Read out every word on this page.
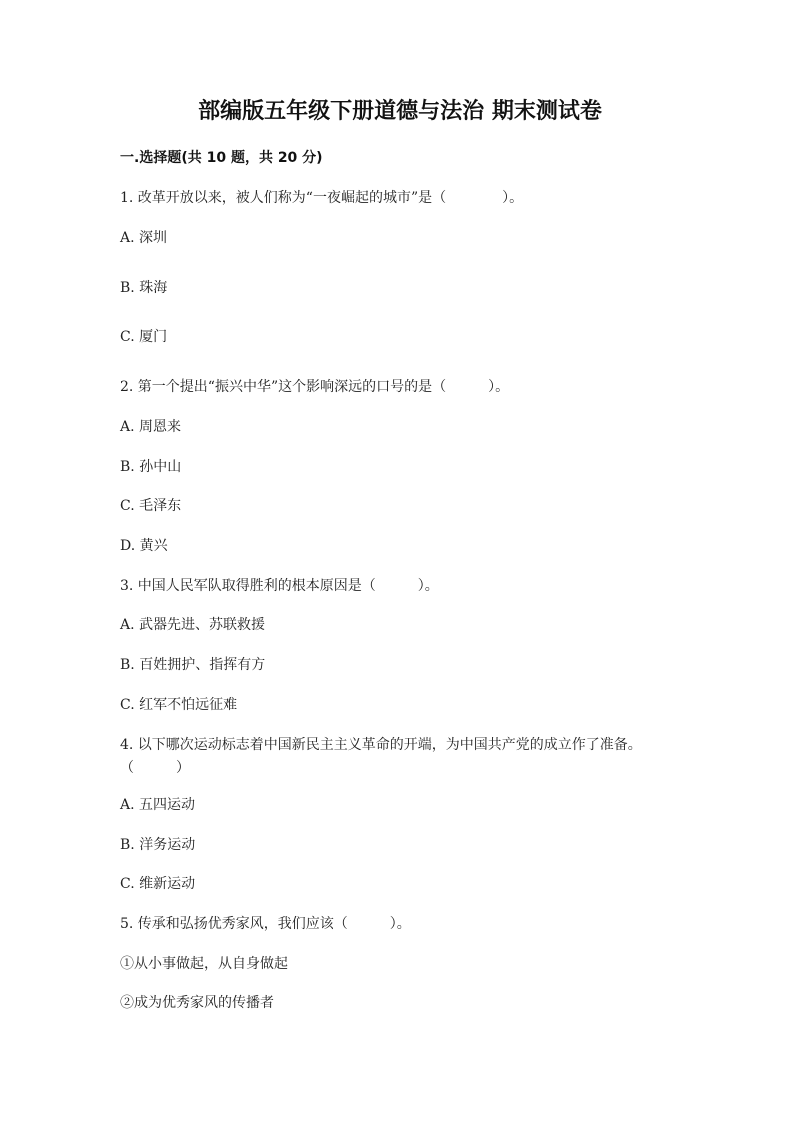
部编版五年级下册道德与法治 期末测试卷
一.选择题(共 10 题，共 20 分)
1. 改革开放以来，被人们称为“一夜崛起的城市”是（　　　　）。
A. 深圳
B. 珠海
C. 厦门
2. 第一个提出“振兴中华”这个影响深远的口号的是（　　　）。
A. 周恩来
B. 孙中山
C. 毛泽东
D. 黄兴
3. 中国人民军队取得胜利的根本原因是（　　　）。
A. 武器先进、苏联救援
B. 百姓拥护、指挥有方
C. 红军不怕远征难
4. 以下哪次运动标志着中国新民主主义革命的开端，为中国共产党的成立作了准备。（　　　）
A. 五四运动
B. 洋务运动
C. 维新运动
5. 传承和弘扬优秀家风，我们应该（　　　）。
①从小事做起，从自身做起
②成为优秀家风的传播者
